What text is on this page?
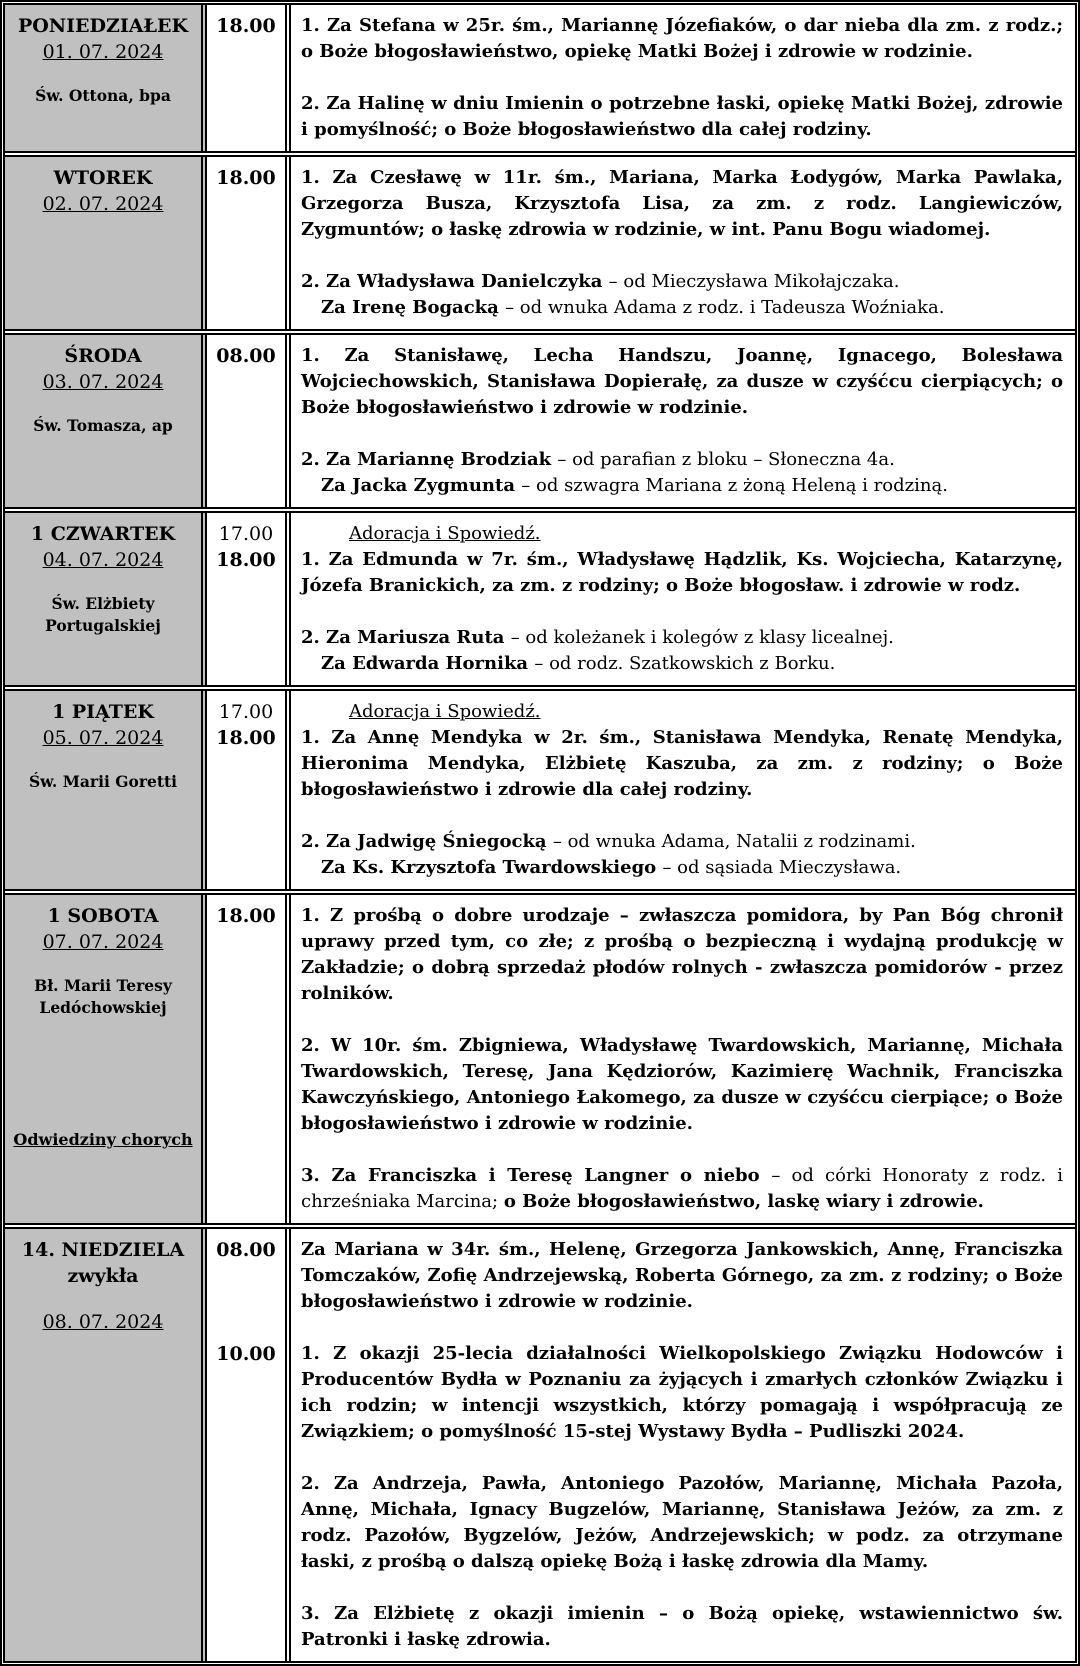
PONIEDZIAŁEK
01. 07. 2024
Św. Ottona, bpa
18.00 1. Za Stefana w 25r. śm., Mariannę Józefiaków, o dar nieba dla zm. z rodz.; o Boże błogosławieństwo, opiekę Matki Bożej i zdrowie w rodzinie.
2. Za Halinę w dniu Imienin o potrzebne łaski, opiekę Matki Bożej, zdrowie i pomyślność; o Boże błogosławieństwo dla całej rodziny.
WTOREK
02. 07. 2024
18.00 1. Za Czesławę w 11r. śm., Mariana, Marka Łodygów, Marka Pawlaka, Grzegorza Busza, Krzysztofa Lisa, za zm. z rodz. Langiewiczów, Zygmuntów; o łaskę zdrowia w rodzinie, w int. Panu Bogu wiadomej.
2. Za Władysława Danielczyka – od Mieczysława Mikołajczaka.
Za Irenę Bogacką – od wnuka Adama z rodz. i Tadeusza Woźniaka.
ŚRODA
03. 07. 2024
Św. Tomasza, ap
08.00 1. Za Stanisławę, Lecha Handszu, Joannę, Ignacego, Bolesława Wojciechowskich, Stanisława Dopierałę, za dusze w czyśćcu cierpiących; o Boże błogosławieństwo i zdrowie w rodzinie.
2. Za Mariannę Brodziak – od parafian z bloku – Słoneczna 4a.
Za Jacka Zygmunta – od szwagra Mariana z żoną Heleną i rodziną.
1 CZWARTEK
04. 07. 2024
Św. Elżbiety
Portugalskiej
17.00
18.00
Adoracja i Spowiedź.
1. Za Edmunda w 7r. śm., Władysławę Hądzlik, Ks. Wojciecha, Katarzynę, Józefa Branickich, za zm. z rodziny; o Boże błogosław. i zdrowie w rodz.
2. Za Mariusza Ruta – od koleżanek i kolegów z klasy licealnej.
Za Edwarda Hornika – od rodz. Szatkowskich z Borku.
1 PIĄTEK
05. 07. 2024
Św. Marii Goretti
17.00
18.00
Adoracja i Spowiedź.
1. Za Annę Mendyka w 2r. śm., Stanisława Mendyka, Renatę Mendyka, Hieronima Mendyka, Elżbietę Kaszuba, za zm. z rodziny; o Boże błogosławieństwo i zdrowie dla całej rodziny.
2. Za Jadwigę Śniegocką – od wnuka Adama, Natalii z rodzinami.
Za Ks. Krzysztofa Twardowskiego – od sąsiada Mieczysława.
1 SOBOTA
07. 07. 2024
Bł. Marii Teresy
Ledóchowskiej
Odwiedziny chorych
18.00 1. Z prośbą o dobre urodzaje – zwłaszcza pomidora, by Pan Bóg chronił uprawy przed tym, co złe; z prośbą o bezpieczną i wydajną produkcję w Zakładzie; o dobrą sprzedaż płodów rolnych - zwłaszcza pomidorów - przez rolników.
2. W 10r. śm. Zbigniewa, Władysławę Twardowskich, Mariannę, Michała Twardowskich, Teresę, Jana Kędziorów, Kazimierę Wachnik, Franciszka Kawczyńskiego, Antoniego Łakomego, za dusze w czyśćcu cierpiące; o Boże błogosławieństwo i zdrowie w rodzinie.
3. Za Franciszka i Teresę Langner o niebo – od córki Honoraty z rodz. i chrześniaka Marcina; o Boże błogosławieństwo, laskę wiary i zdrowie.
14. NIEDZIELA
zwykła
08. 07. 2024
08.00
10.00
Za Mariana w 34r. śm., Helenę, Grzegorza Jankowskich, Annę, Franciszka Tomczaków, Zofię Andrzejewską, Roberta Górnego, za zm. z rodziny; o Boże błogosławieństwo i zdrowie w rodzinie.
1. Z okazji 25-lecia działalności Wielkopolskiego Związku Hodowców i Producentów Bydła w Poznaniu za żyjących i zmarłych członków Związku i ich rodzin; w intencji wszystkich, którzy pomagają i współpracują ze Związkiem; o pomyślność 15-stej Wystawy Bydła – Pudliszki 2024.
2. Za Andrzeja, Pawła, Antoniego Pazołów, Mariannę, Michała Pazoła, Annę, Michała, Ignacy Bugzelów, Mariannę, Stanisława Jeżów, za zm. z rodz. Pazołów, Bygzelów, Jeżów, Andrzejewskich; w podz. za otrzymane łaski, z prośbą o dalszą opiekę Bożą i łaskę zdrowia dla Mamy.
3. Za Elżbietę z okazji imienin – o Bożą opiekę, wstawiennictwo św. Patronki i łaskę zdrowia.
